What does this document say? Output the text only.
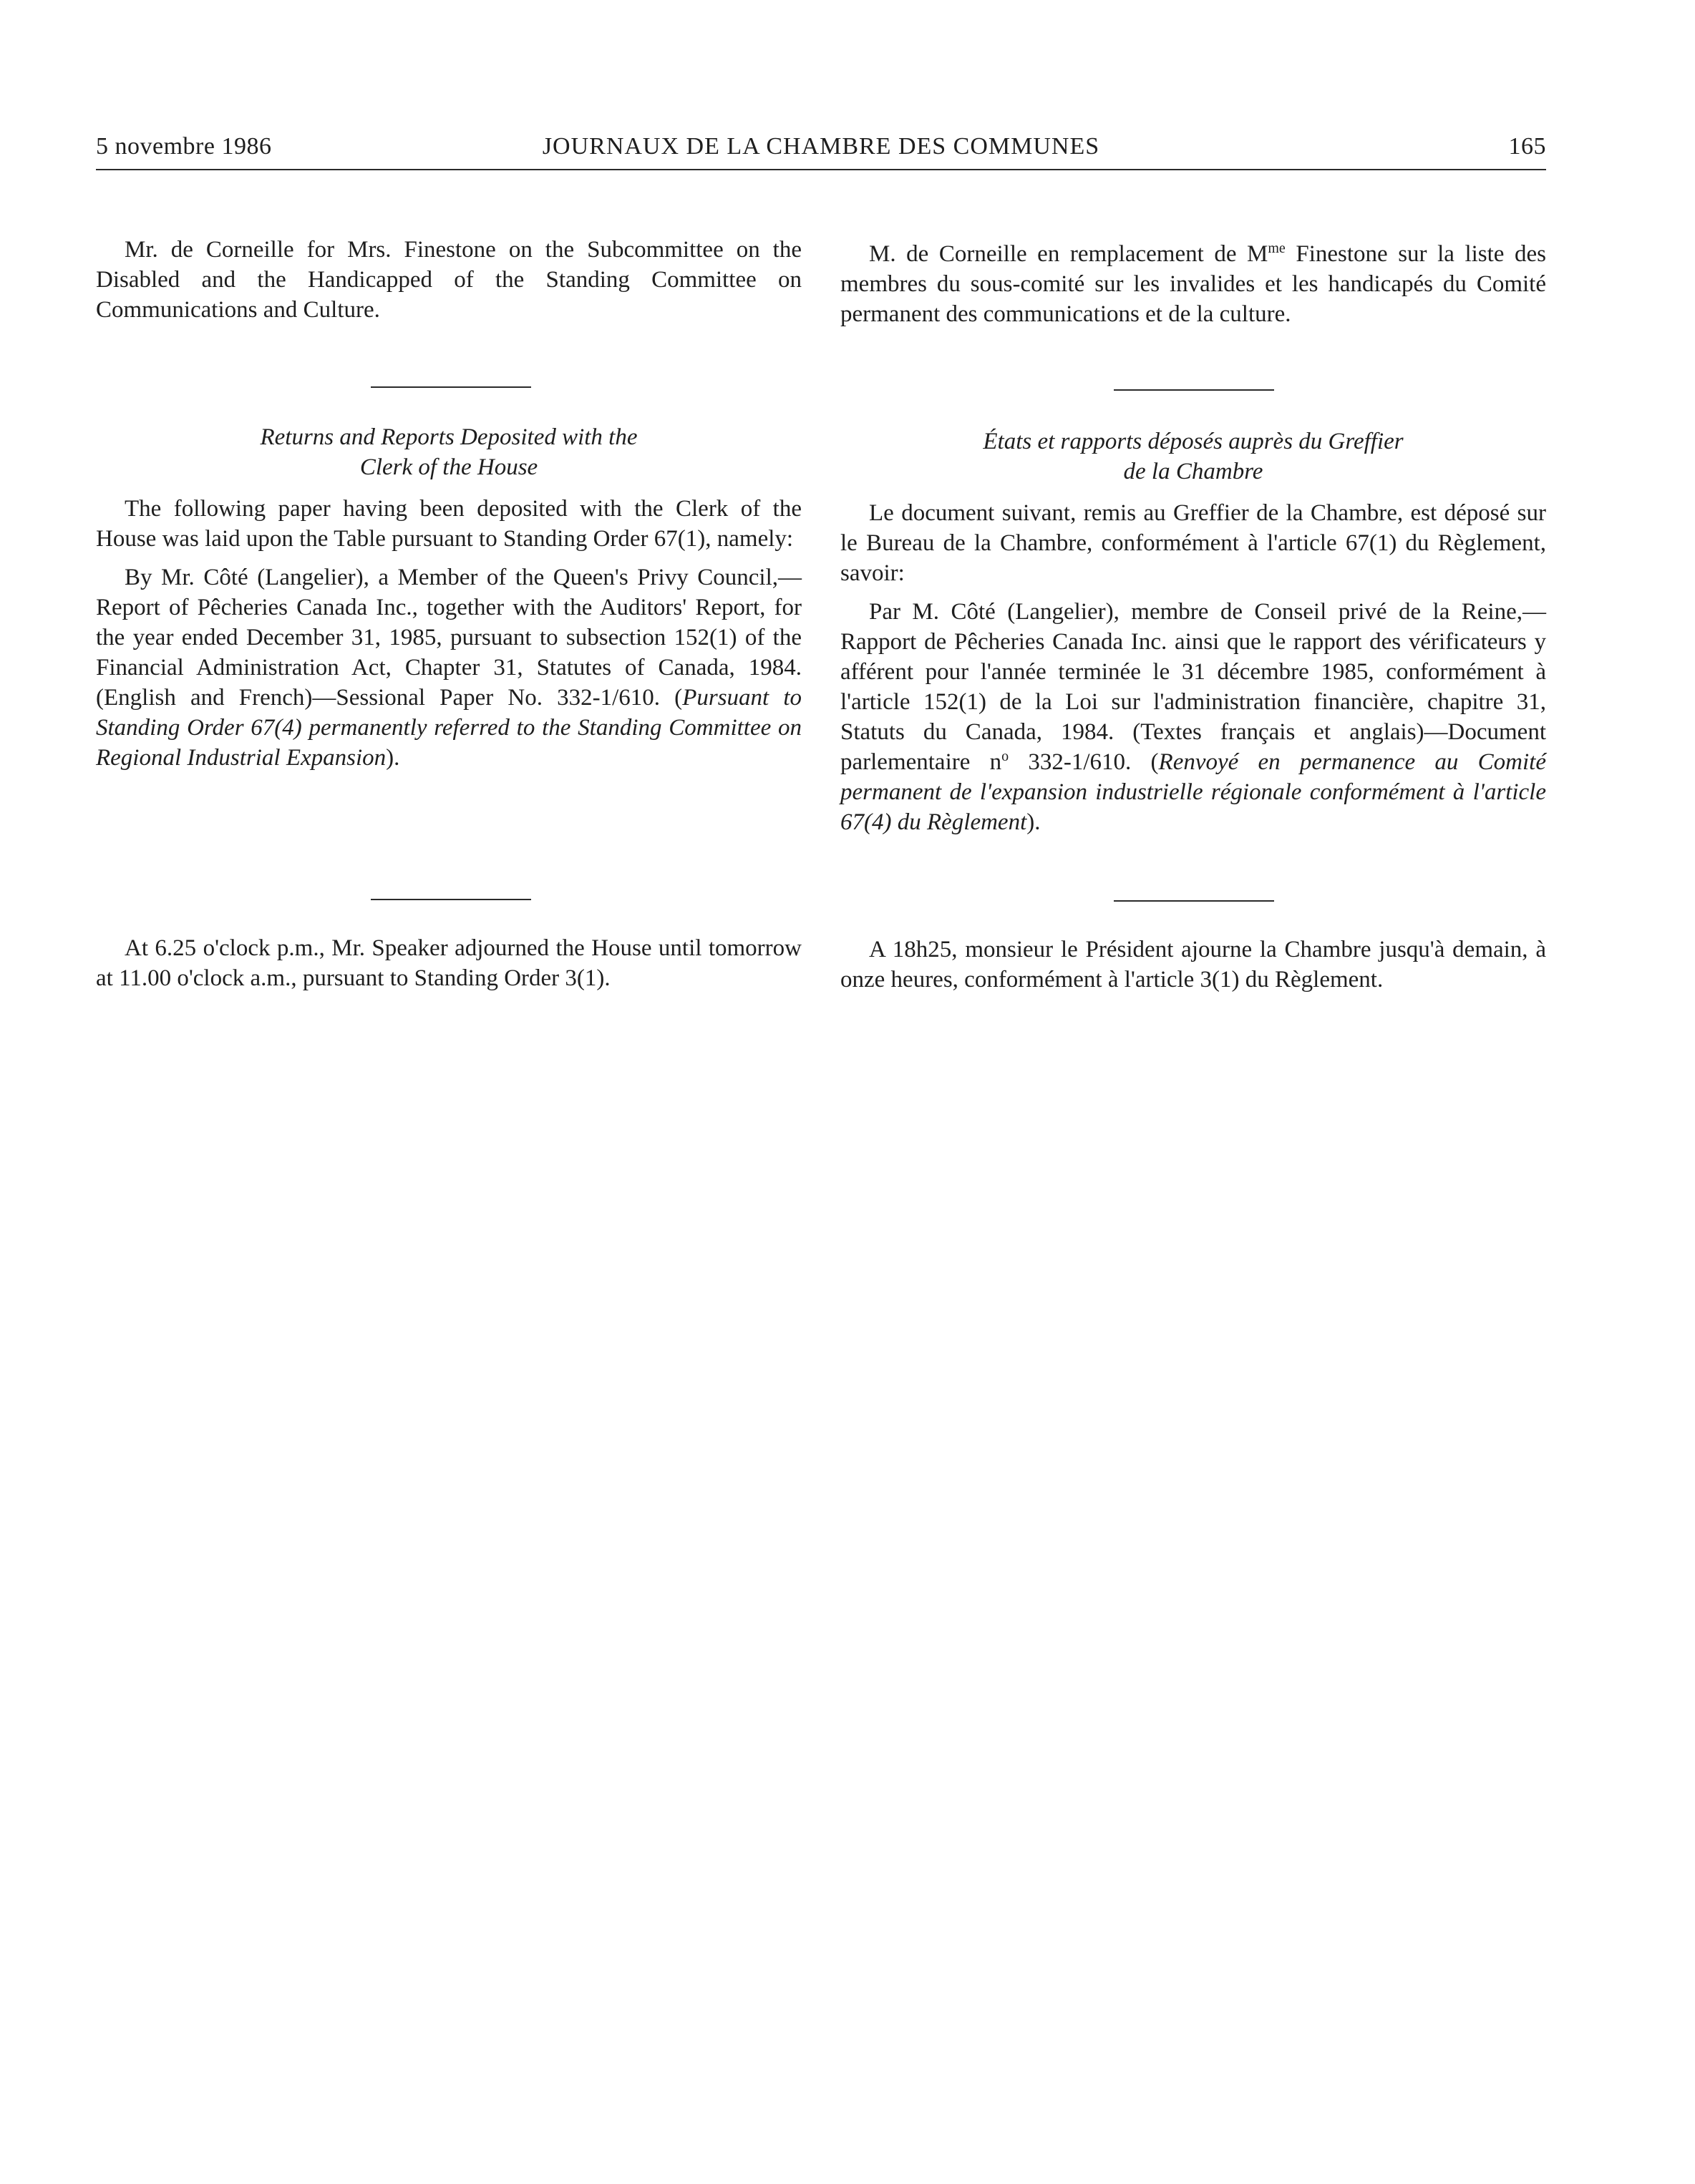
5 novembre 1986	JOURNAUX DE LA CHAMBRE DES COMMUNES	165

Mr. de Corneille for Mrs. Finestone on the Subcommittee on the Disabled and the Handicapped of the Standing Committee on Communications and Culture.

Returns and Reports Deposited with the
Clerk of the House

The following paper having been deposited with the Clerk of the House was laid upon the Table pursuant to Standing Order 67(1), namely:

By Mr. Côté (Langelier), a Member of the Queen's Privy Council,—Report of Pêcheries Canada Inc., together with the Auditors' Report, for the year ended December 31, 1985, pursuant to subsection 152(1) of the Financial Administration Act, Chapter 31, Statutes of Canada, 1984. (English and French)—Sessional Paper No. 332-1/610. (Pursuant to Standing Order 67(4) permanently referred to the Standing Committee on Regional Industrial Expansion).

At 6.25 o'clock p.m., Mr. Speaker adjourned the House until tomorrow at 11.00 o'clock a.m., pursuant to Standing Order 3(1).

M. de Corneille en remplacement de $M^{me}$ Finestone sur la liste des membres du sous-comité sur les invalides et les handicapés du Comité permanent des communications et de la culture.

États et rapports déposés auprès du Greffier
de la Chambre

Le document suivant, remis au Greffier de la Chambre, est déposé sur le Bureau de la Chambre, conformément à l'article 67(1) du Règlement, savoir:

Par M. Côté (Langelier), membre de Conseil privé de la Reine,— Rapport de Pêcheries Canada Inc. ainsi que le rapport des vérificateurs y afférent pour l'année terminée le 31 décembre 1985, conformément à l'article 152(1) de la Loi sur l'administration financière, chapitre 31, Statuts du Canada, 1984. (Textes français et anglais)—Document parlementaire $n^o$ 332-1/610. (Renvoyé en permanence au Comité permanent de l'expansion industrielle régionale conformément à l'article 67(4) du Règlement).

A 18h25, monsieur le Président ajourne la Chambre jusqu'à demain, à onze heures, conformément à l'article 3(1) du Règlement.
